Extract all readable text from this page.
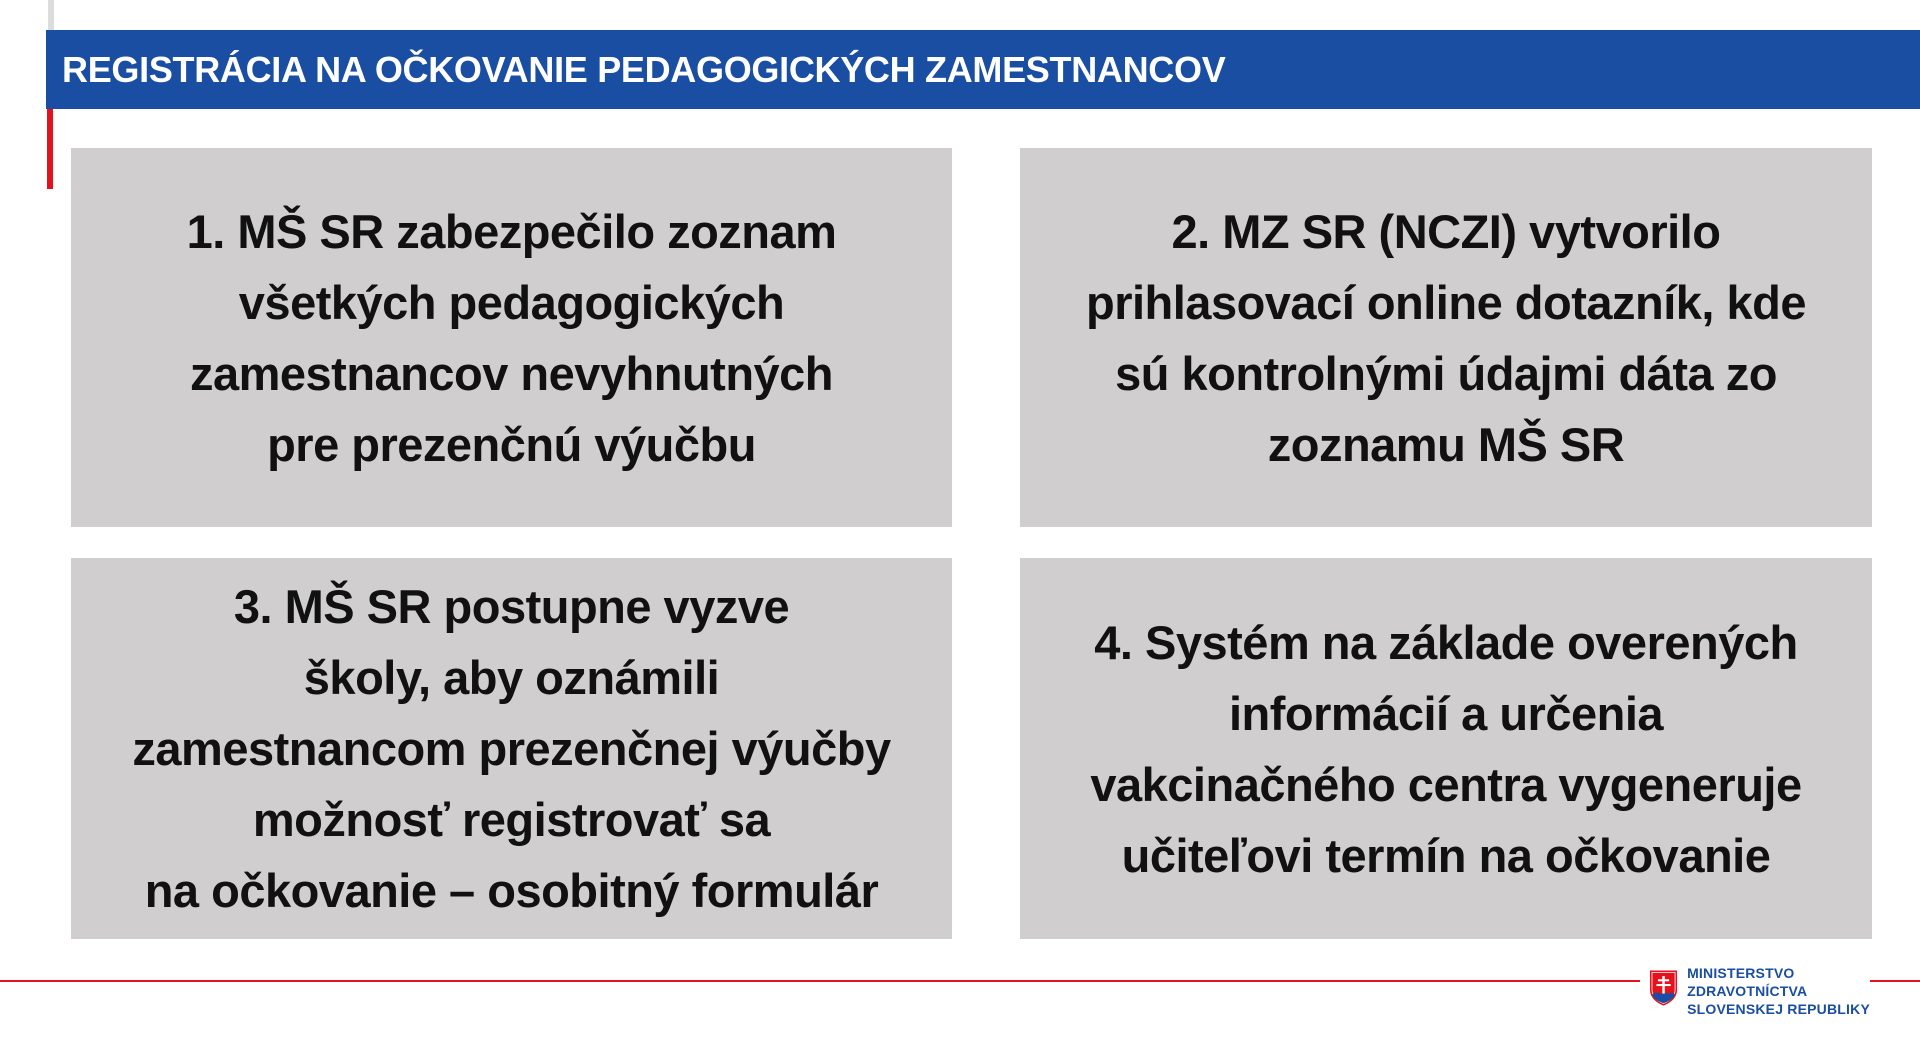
REGISTRÁCIA NA OČKOVANIE PEDAGOGICKÝCH ZAMESTNANCOV
1. MŠ SR zabezpečilo zoznam
všetkých pedagogických
zamestnancov nevyhnutných
pre prezenčnú výučbu
2. MZ SR (NCZI) vytvorilo
prihlasovací online dotazník, kde
sú kontrolnými údajmi dáta zo
zoznamu MŠ SR
3. MŠ SR postupne vyzve
školy, aby oznámili
zamestnancom prezenčnej výučby
možnosť registrovať sa
na očkovanie – osobitný formulár
4. Systém na základe overených
informácií a určenia
vakcinačného centra vygeneruje
učiteľovi termín na očkovanie
MINISTERSTVO
ZDRAVOTNÍCTVA
SLOVENSKEJ REPUBLIKY
